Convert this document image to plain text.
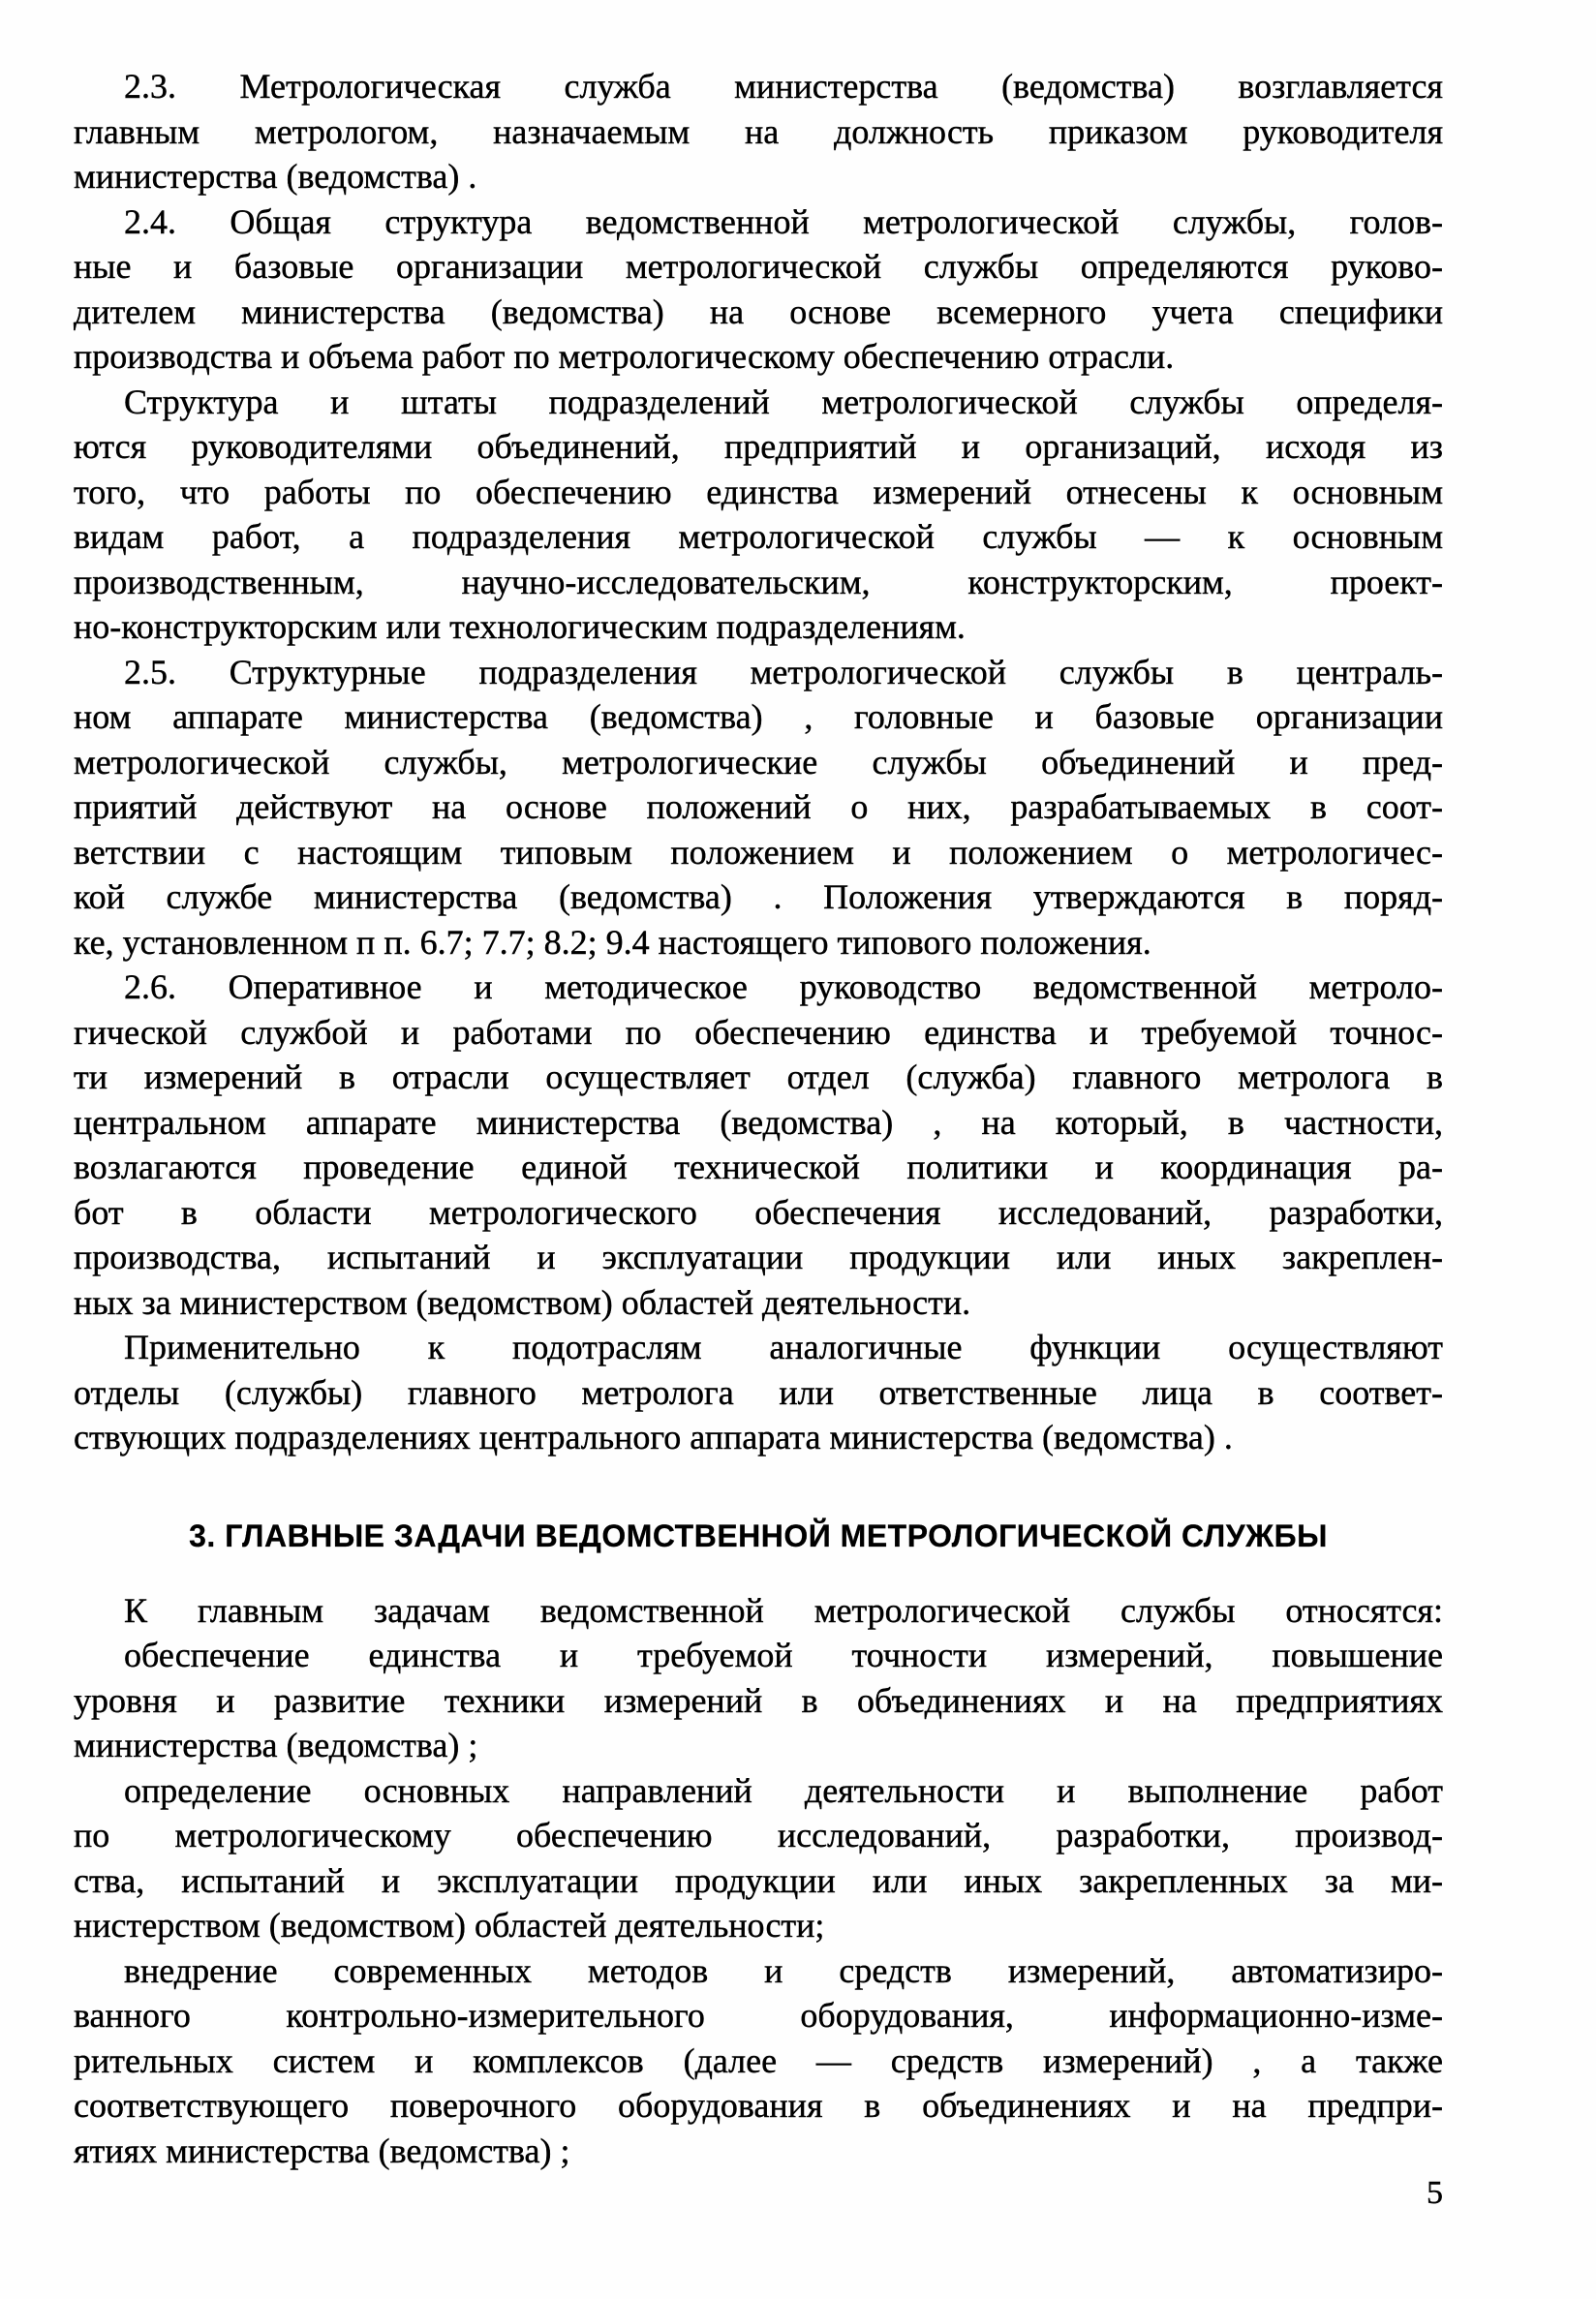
2.3. Метрологическая служба министерства (ведомства) возглавляется
главным метрологом, назначаемым на должность приказом руководителя
министерства (ведомства) .
2.4. Общая структура ведомственной метрологической службы, голов-
ные и базовые организации метрологической службы определяются руково-
дителем министерства (ведомства) на основе всемерного учета специфики
производства и объема работ по метрологическому обеспечению отрасли.
Структура и штаты подразделений метрологической службы определя-
ются руководителями объединений, предприятий и организаций, исходя из
того, что работы по обеспечению единства измерений отнесены к основным
видам работ, а подразделения метрологической службы — к основным
производственным, научно-исследовательским, конструкторским, проект-
но-конструкторским или технологическим подразделениям.
2.5. Структурные подразделения метрологической службы в централь-
ном аппарате министерства (ведомства) , головные и базовые организации
метрологической службы, метрологические службы объединений и пред-
приятий действуют на основе положений о них, разрабатываемых в соот-
ветствии с настоящим типовым положением и положением о метрологичес-
кой службе министерства (ведомства) . Положения утверждаются в поряд-
ке, установленном п п. 6.7; 7.7; 8.2; 9.4 настоящего типового положения.
2.6. Оперативное и методическое руководство ведомственной метроло-
гической службой и работами по обеспечению единства и требуемой точнос-
ти измерений в отрасли осуществляет отдел (служба) главного метролога в
центральном аппарате министерства (ведомства) , на который, в частности,
возлагаются проведение единой технической политики и координация ра-
бот в области метрологического обеспечения исследований, разработки,
производства, испытаний и эксплуатации продукции или иных закреплен-
ных за министерством (ведомством) областей деятельности.
Применительно к подотраслям аналогичные функции осуществляют
отделы (службы) главного метролога или ответственные лица в соответ-
ствующих подразделениях центрального аппарата министерства (ведомства) .
3. ГЛАВНЫЕ ЗАДАЧИ ВЕДОМСТВЕННОЙ МЕТРОЛОГИЧЕСКОЙ СЛУЖБЫ
К главным задачам ведомственной метрологической службы относятся:
обеспечение единства и требуемой точности измерений, повышение
уровня и развитие техники измерений в объединениях и на предприятиях
министерства (ведомства) ;
определение основных направлений деятельности и выполнение работ
по метрологическому обеспечению исследований, разработки, производ-
ства, испытаний и эксплуатации продукции или иных закрепленных за ми-
нистерством (ведомством) областей деятельности;
внедрение современных методов и средств измерений, автоматизиро-
ванного контрольно-измерительного оборудования, информационно-изме-
рительных систем и комплексов (далее — средств измерений) , а также
соответствующего поверочного оборудования в объединениях и на предпри-
ятиях министерства (ведомства) ;
5
